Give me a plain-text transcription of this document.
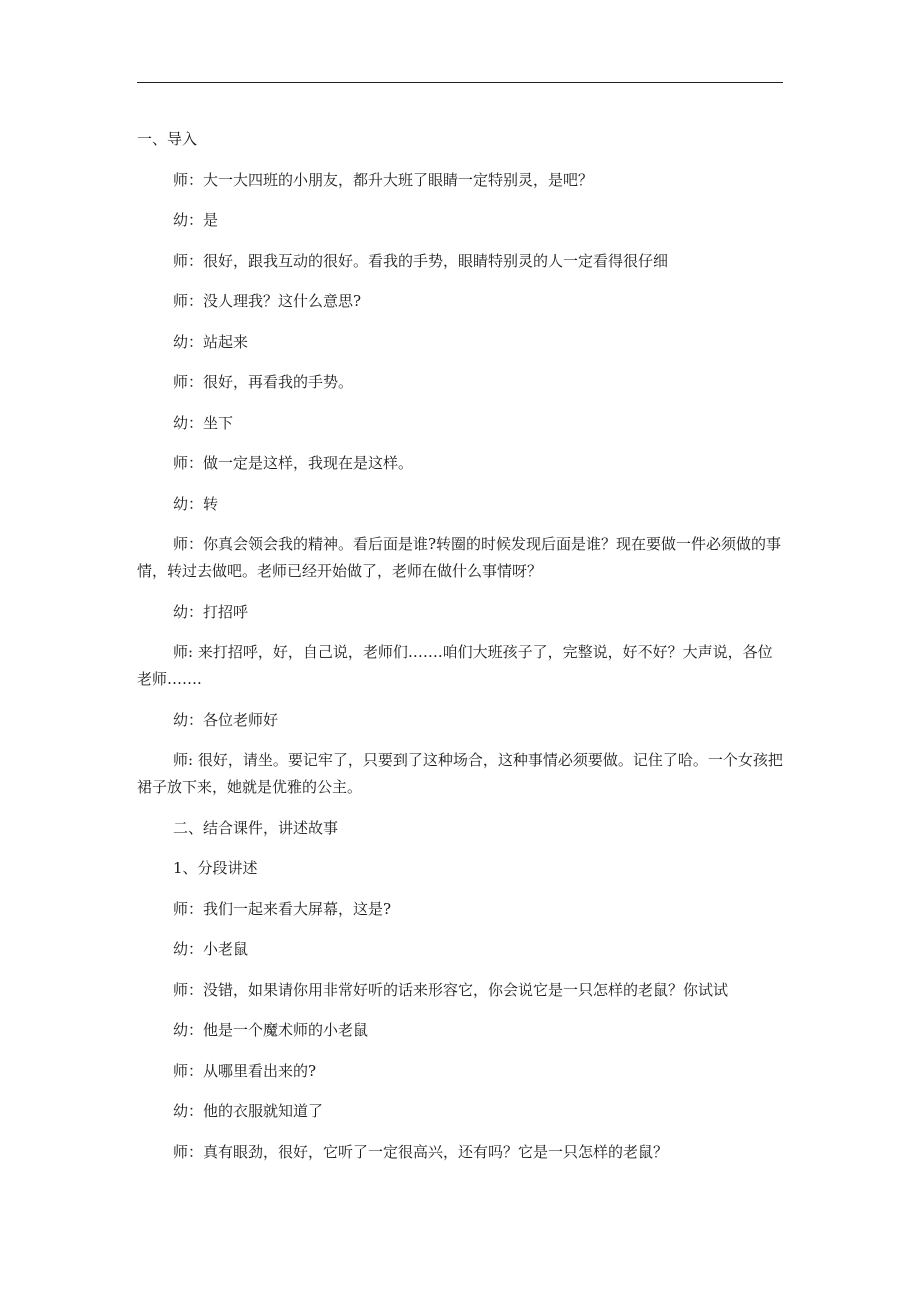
一、导入

师：大一大四班的小朋友，都升大班了眼睛一定特别灵，是吧？

幼：是

师：很好，跟我互动的很好。看我的手势，眼睛特别灵的人一定看得很仔细

师：没人理我？这什么意思?

幼：站起来

师：很好，再看我的手势。

幼：坐下

师：做一定是这样，我现在是这样。

幼：转

师：你真会领会我的精神。看后面是谁?转圈的时候发现后面是谁？现在要做一件必须做的事情，转过去做吧。老师已经开始做了，老师在做什么事情呀？

幼：打招呼

师: 来打招呼，好，自己说，老师们…….咱们大班孩子了，完整说，好不好？大声说，各位老师…….

幼：各位老师好

师: 很好，请坐。要记牢了，只要到了这种场合，这种事情必须要做。记住了哈。一个女孩把裙子放下来，她就是优雅的公主。

二、结合课件，讲述故事

1、分段讲述

师：我们一起来看大屏幕，这是?

幼：小老鼠

师：没错，如果请你用非常好听的话来形容它，你会说它是一只怎样的老鼠？你试试

幼：他是一个魔术师的小老鼠

师：从哪里看出来的?

幼：他的衣服就知道了

师：真有眼劲，很好，它听了一定很高兴，还有吗？它是一只怎样的老鼠？
